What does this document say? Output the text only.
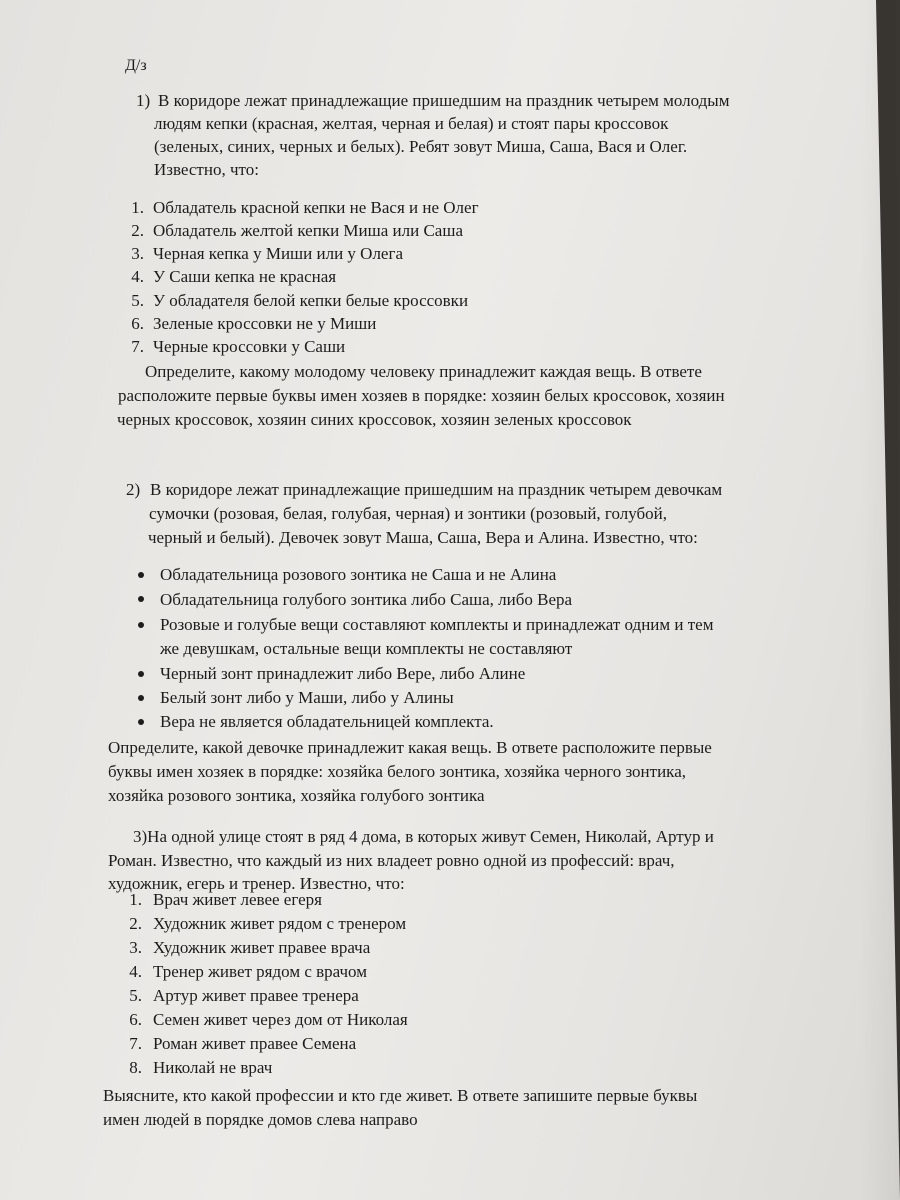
Д/з
1) В коридоре лежат принадлежащие пришедшим на праздник четырем молодым
людям кепки (красная, желтая, черная и белая) и стоят пары кроссовок
(зеленых, синих, черных и белых). Ребят зовут Миша, Саша, Вася и Олег.
Известно, что:
1. Обладатель красной кепки не Вася и не Олег
2. Обладатель желтой кепки Миша или Саша
3. Черная кепка у Миши или у Олега
4. У Саши кепка не красная
5. У обладателя белой кепки белые кроссовки
6. Зеленые кроссовки не у Миши
7. Черные кроссовки у Саши
Определите, какому молодому человеку принадлежит каждая вещь. В ответе
расположите первые буквы имен хозяев в порядке: хозяин белых кроссовок, хозяин
черных кроссовок, хозяин синих кроссовок, хозяин зеленых кроссовок
2) В коридоре лежат принадлежащие пришедшим на праздник четырем девочкам
сумочки (розовая, белая, голубая, черная) и зонтики (розовый, голубой,
черный и белый). Девочек зовут Маша, Саша, Вера и Алина. Известно, что:
Обладательница розового зонтика не Саша и не Алина
Обладательница голубого зонтика либо Саша, либо Вера
Розовые и голубые вещи составляют комплекты и принадлежат одним и тем
же девушкам, остальные вещи комплекты не составляют
Черный зонт принадлежит либо Вере, либо Алине
Белый зонт либо у Маши, либо у Алины
Вера не является обладательницей комплекта.
Определите, какой девочке принадлежит какая вещь. В ответе расположите первые
буквы имен хозяек в порядке: хозяйка белого зонтика, хозяйка черного зонтика,
хозяйка розового зонтика, хозяйка голубого зонтика
3)На одной улице стоят в ряд 4 дома, в которых живут Семен, Николай, Артур и
Роман. Известно, что каждый из них владеет ровно одной из профессий: врач,
художник, егерь и тренер. Известно, что:
1. Врач живет левее егеря
2. Художник живет рядом с тренером
3. Художник живет правее врача
4. Тренер живет рядом с врачом
5. Артур живет правее тренера
6. Семен живет через дом от Николая
7. Роман живет правее Семена
8. Николай не врач
Выясните, кто какой профессии и кто где живет. В ответе запишите первые буквы
имен людей в порядке домов слева направо
